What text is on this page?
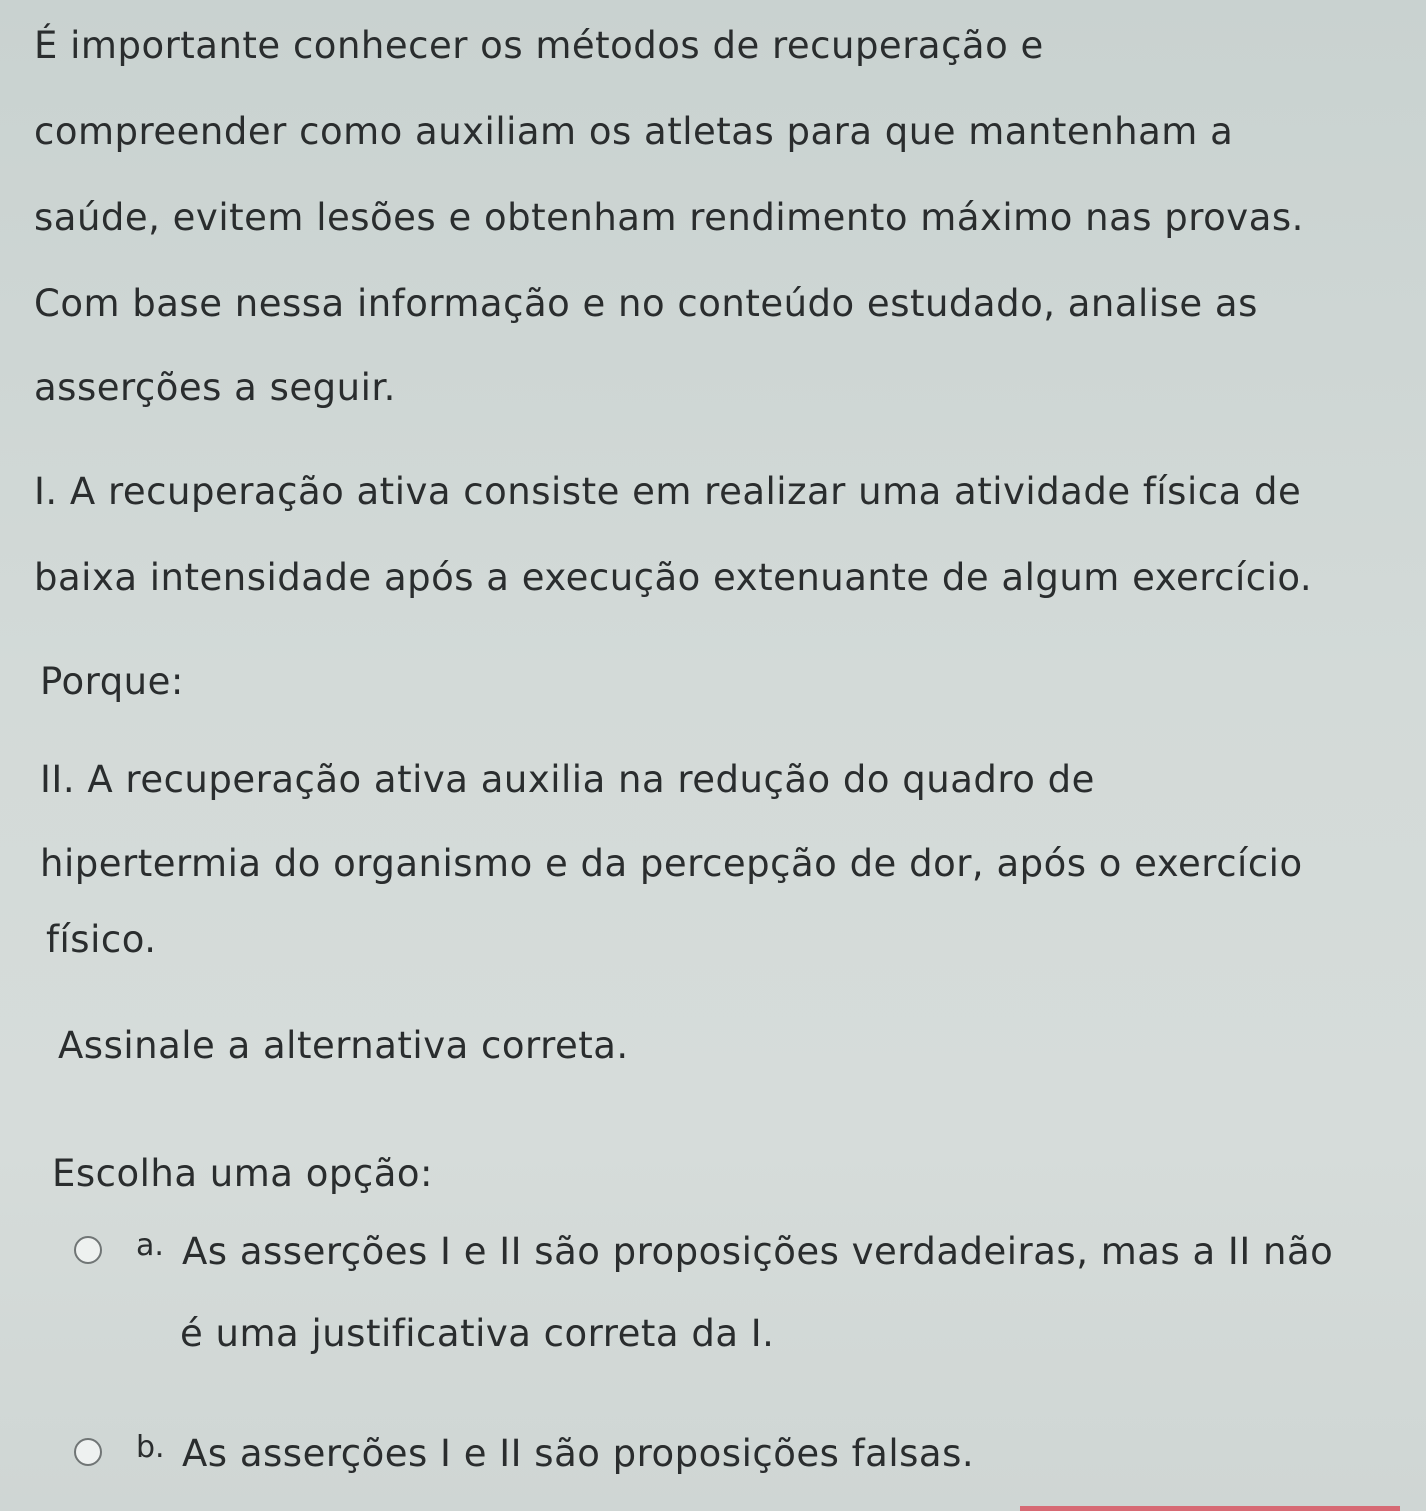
É importante conhecer os métodos de recuperação e
compreender como auxiliam os atletas para que mantenham a
saúde, evitem lesões e obtenham rendimento máximo nas provas.
Com base nessa informação e no conteúdo estudado, analise as
asserções a seguir.
I. A recuperação ativa consiste em realizar uma atividade física de
baixa intensidade após a execução extenuante de algum exercício.
Porque:
II. A recuperação ativa auxilia na redução do quadro de
hipertermia do organismo e da percepção de dor, após o exercício
físico.
Assinale a alternativa correta.
Escolha uma opção:
a. As asserções I e II são proposições verdadeiras, mas a II não
é uma justificativa correta da I.
b. As asserções I e II são proposições falsas.
